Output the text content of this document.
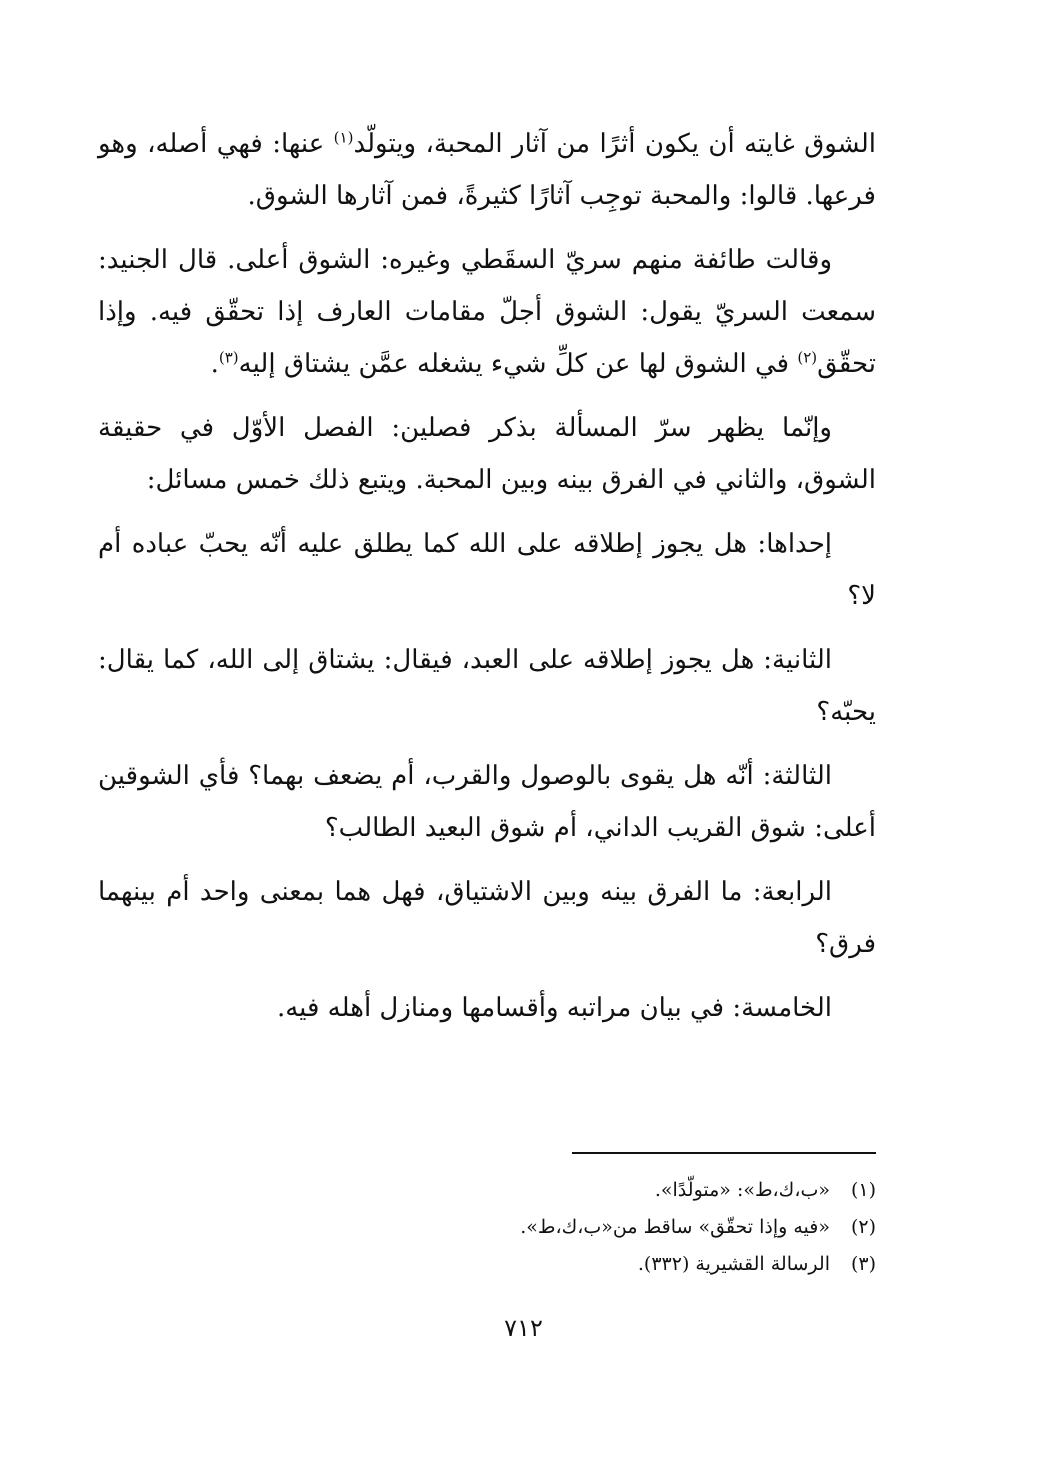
الشوق غايته أن يكون أثرًا من آثار المحبة، ويتولّد$^{(١)}$ عنها: فهي أصله، وهو فرعها. قالوا: والمحبة توجِب آثارًا كثيرةً، فمن آثارها الشوق.

وقالت طائفة منهم سريّ السقَطي وغيره: الشوق أعلى. قال الجنيد: سمعت السريّ يقول: الشوق أجلّ مقامات العارف إذا تحقّق فيه. وإذا تحقّق$^{(٢)}$ في الشوق لها عن كلِّ شيء يشغله عمَّن يشتاق إليه$^{(٣)}$.

وإنّما يظهر سرّ المسألة بذكر فصلين: الفصل الأوّل في حقيقة الشوق، والثاني في الفرق بينه وبين المحبة. ويتبع ذلك خمس مسائل:

إحداها: هل يجوز إطلاقه على الله كما يطلق عليه أنّه يحبّ عباده أم لا؟

الثانية: هل يجوز إطلاقه على العبد، فيقال: يشتاق إلى الله، كما يقال: يحبّه؟

الثالثة: أنّه هل يقوى بالوصول والقرب، أم يضعف بهما؟ فأي الشوقين أعلى: شوق القريب الداني، أم شوق البعيد الطالب؟

الرابعة: ما الفرق بينه وبين الاشتياق، فهل هما بمعنى واحد أم بينهما فرق؟

الخامسة: في بيان مراتبه وأقسامها ومنازل أهله فيه.

(١)«ب،ك،ط»: «متولّدًا».
(٢)«فيه وإذا تحقّق» ساقط من«ب،ك،ط».
(٣)الرسالة القشيرية (٣٣٢).
٧١٢
